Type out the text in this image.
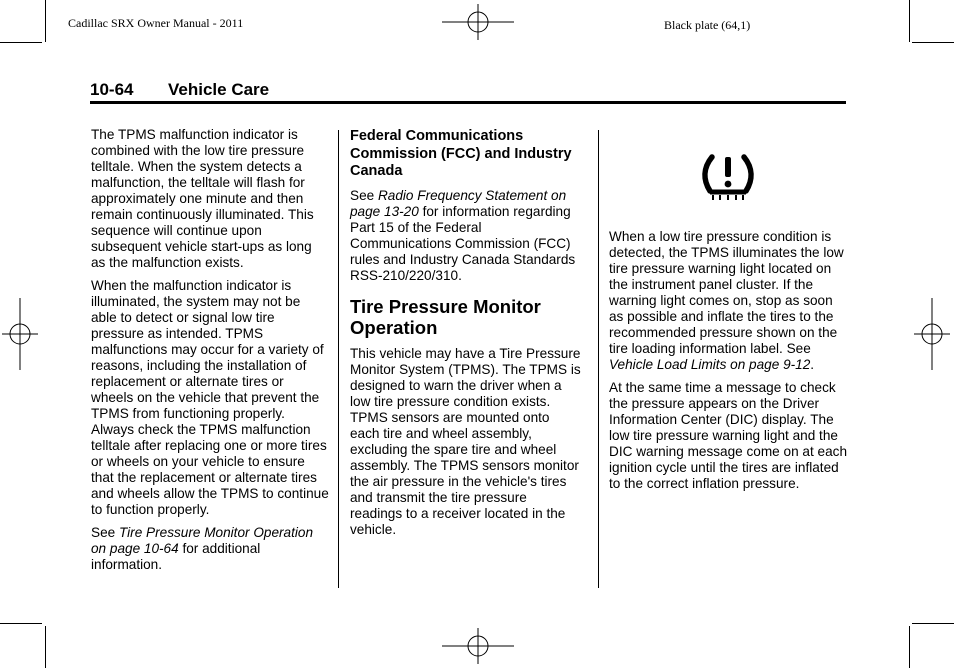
Cadillac SRX Owner Manual - 2011	Black plate (64,1)
10-64 Vehicle Care

The TPMS malfunction indicator is combined with the low tire pressure telltale. When the system detects a malfunction, the telltale will flash for approximately one minute and then remain continuously illuminated. This sequence will continue upon subsequent vehicle start-ups as long as the malfunction exists.

When the malfunction indicator is illuminated, the system may not be able to detect or signal low tire pressure as intended. TPMS malfunctions may occur for a variety of reasons, including the installation of replacement or alternate tires or wheels on the vehicle that prevent the TPMS from functioning properly. Always check the TPMS malfunction telltale after replacing one or more tires or wheels on your vehicle to ensure that the replacement or alternate tires and wheels allow the TPMS to continue to function properly.

See Tire Pressure Monitor Operation on page 10-64 for additional information.

Federal Communications Commission (FCC) and Industry Canada

See Radio Frequency Statement on page 13-20 for information regarding Part 15 of the Federal Communications Commission (FCC) rules and Industry Canada Standards RSS-210/220/310.

Tire Pressure Monitor Operation

This vehicle may have a Tire Pressure Monitor System (TPMS). The TPMS is designed to warn the driver when a low tire pressure condition exists. TPMS sensors are mounted onto each tire and wheel assembly, excluding the spare tire and wheel assembly. The TPMS sensors monitor the air pressure in the vehicle's tires and transmit the tire pressure readings to a receiver located in the vehicle.

When a low tire pressure condition is detected, the TPMS illuminates the low tire pressure warning light located on the instrument panel cluster. If the warning light comes on, stop as soon as possible and inflate the tires to the recommended pressure shown on the tire loading information label. See Vehicle Load Limits on page 9-12.

At the same time a message to check the pressure appears on the Driver Information Center (DIC) display. The low tire pressure warning light and the DIC warning message come on at each ignition cycle until the tires are inflated to the correct inflation pressure.
